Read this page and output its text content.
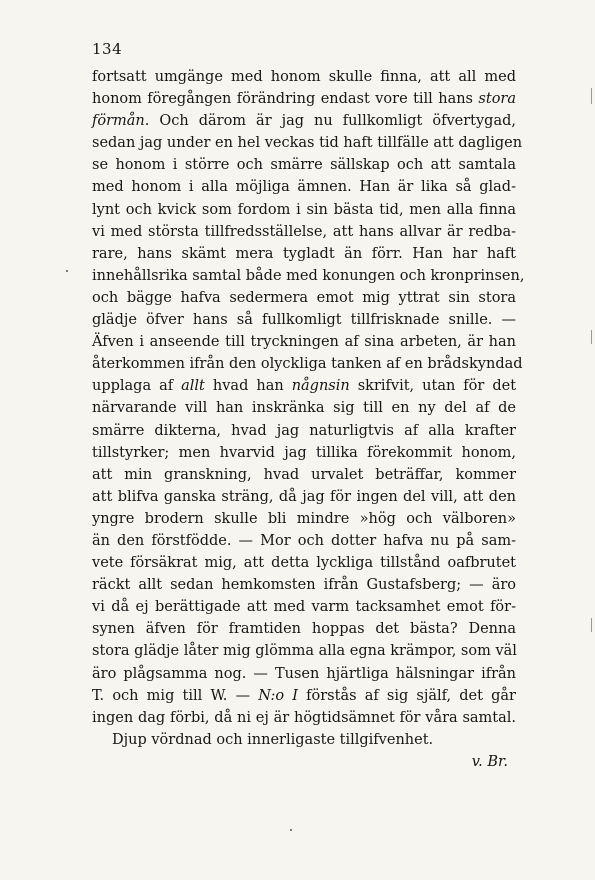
134
fortsatt umgänge med honom skulle finna, att all med
honom föregången förändring endast vore till hans stora
förmån. Och därom är jag nu fullkomligt öfvertygad,
sedan jag under en hel veckas tid haft tillfälle att dagligen
se honom i större och smärre sällskap och att samtala
med honom i alla möjliga ämnen. Han är lika så glad-
lynt och kvick som fordom i sin bästa tid, men alla finna
vi med största tillfredsställelse, att hans allvar är redba-
rare, hans skämt mera tygladt än förr. Han har haft
innehållsrika samtal både med konungen och kronprinsen,
och bägge hafva sedermera emot mig yttrat sin stora
glädje öfver hans så fullkomligt tillfrisknade snille. —
Äfven i anseende till tryckningen af sina arbeten, är han
återkommen ifrån den olyckliga tanken af en brådskyndad
upplaga af allt hvad han någnsin skrifvit, utan för det
närvarande vill han inskränka sig till en ny del af de
smärre dikterna, hvad jag naturligtvis af alla krafter
tillstyrker; men hvarvid jag tillika förekommit honom,
att min granskning, hvad urvalet beträffar, kommer
att blifva ganska sträng, då jag för ingen del vill, att den
yngre brodern skulle bli mindre »hög och välboren»
än den förstfödde. — Mor och dotter hafva nu på sam-
vete försäkrat mig, att detta lyckliga tillstånd oafbrutet
räckt allt sedan hemkomsten ifrån Gustafsberg; — äro
vi då ej berättigade att med varm tacksamhet emot för-
synen äfven för framtiden hoppas det bästa? Denna
stora glädje låter mig glömma alla egna krämpor, som väl
äro plågsamma nog. — Tusen hjärtliga hälsningar ifrån
T. och mig till W. — N:o I förstås af sig själf, det går
ingen dag förbi, då ni ej är högtidsämnet för våra samtal.
Djup vördnad och innerligaste tillgifvenhet.
v. Br.
